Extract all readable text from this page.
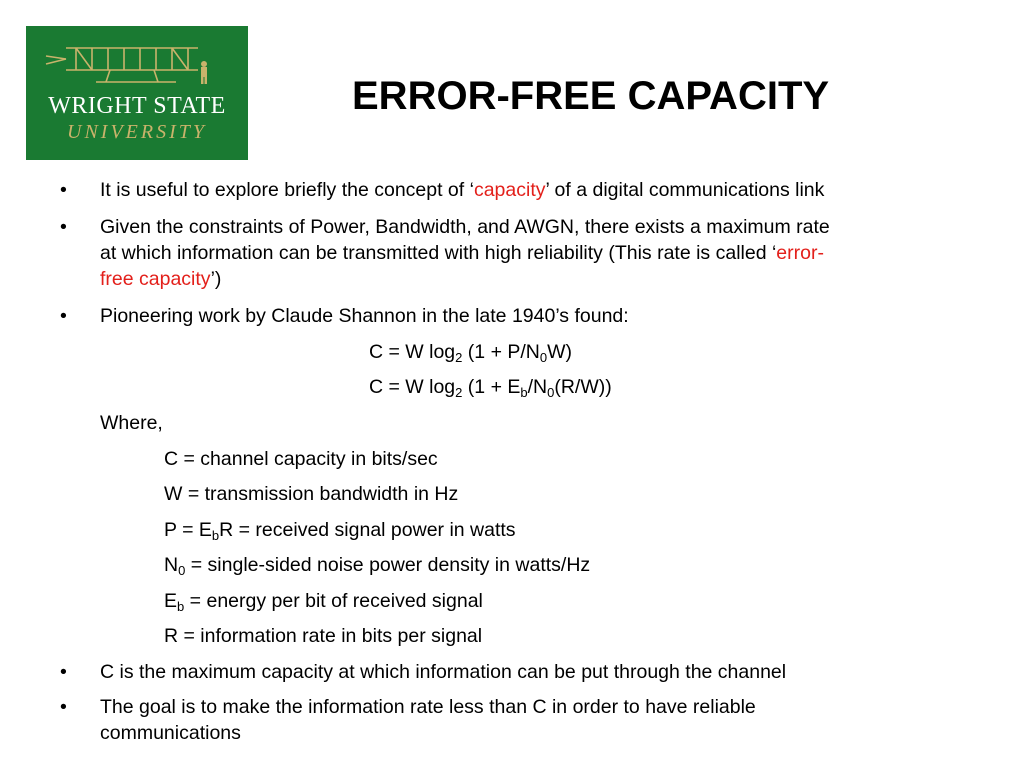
WRIGHT STATE
UNIVERSITY
ERROR-FREE CAPACITY
• It is useful to explore briefly the concept of ‘capacity’ of a digital communications link
• Given the constraints of Power, Bandwidth, and AWGN, there exists a maximum rate
at which information can be transmitted with high reliability (This rate is called ‘error-
free capacity’)
• Pioneering work by Claude Shannon in the late 1940’s found:
C = W $\log_2 (1 + P/N_0W)$
C = W $\log_2 (1 + E_b/N_0(R/W))$
Where,
C = channel capacity in bits/sec
W = transmission bandwidth in Hz
$P = E_bR$ = received signal power in watts
$N_0$ = single-sided noise power density in watts/Hz
$E_b$ = energy per bit of received signal
R = information rate in bits per signal
• C is the maximum capacity at which information can be put through the channel
• The goal is to make the information rate less than C in order to have reliable
communications
